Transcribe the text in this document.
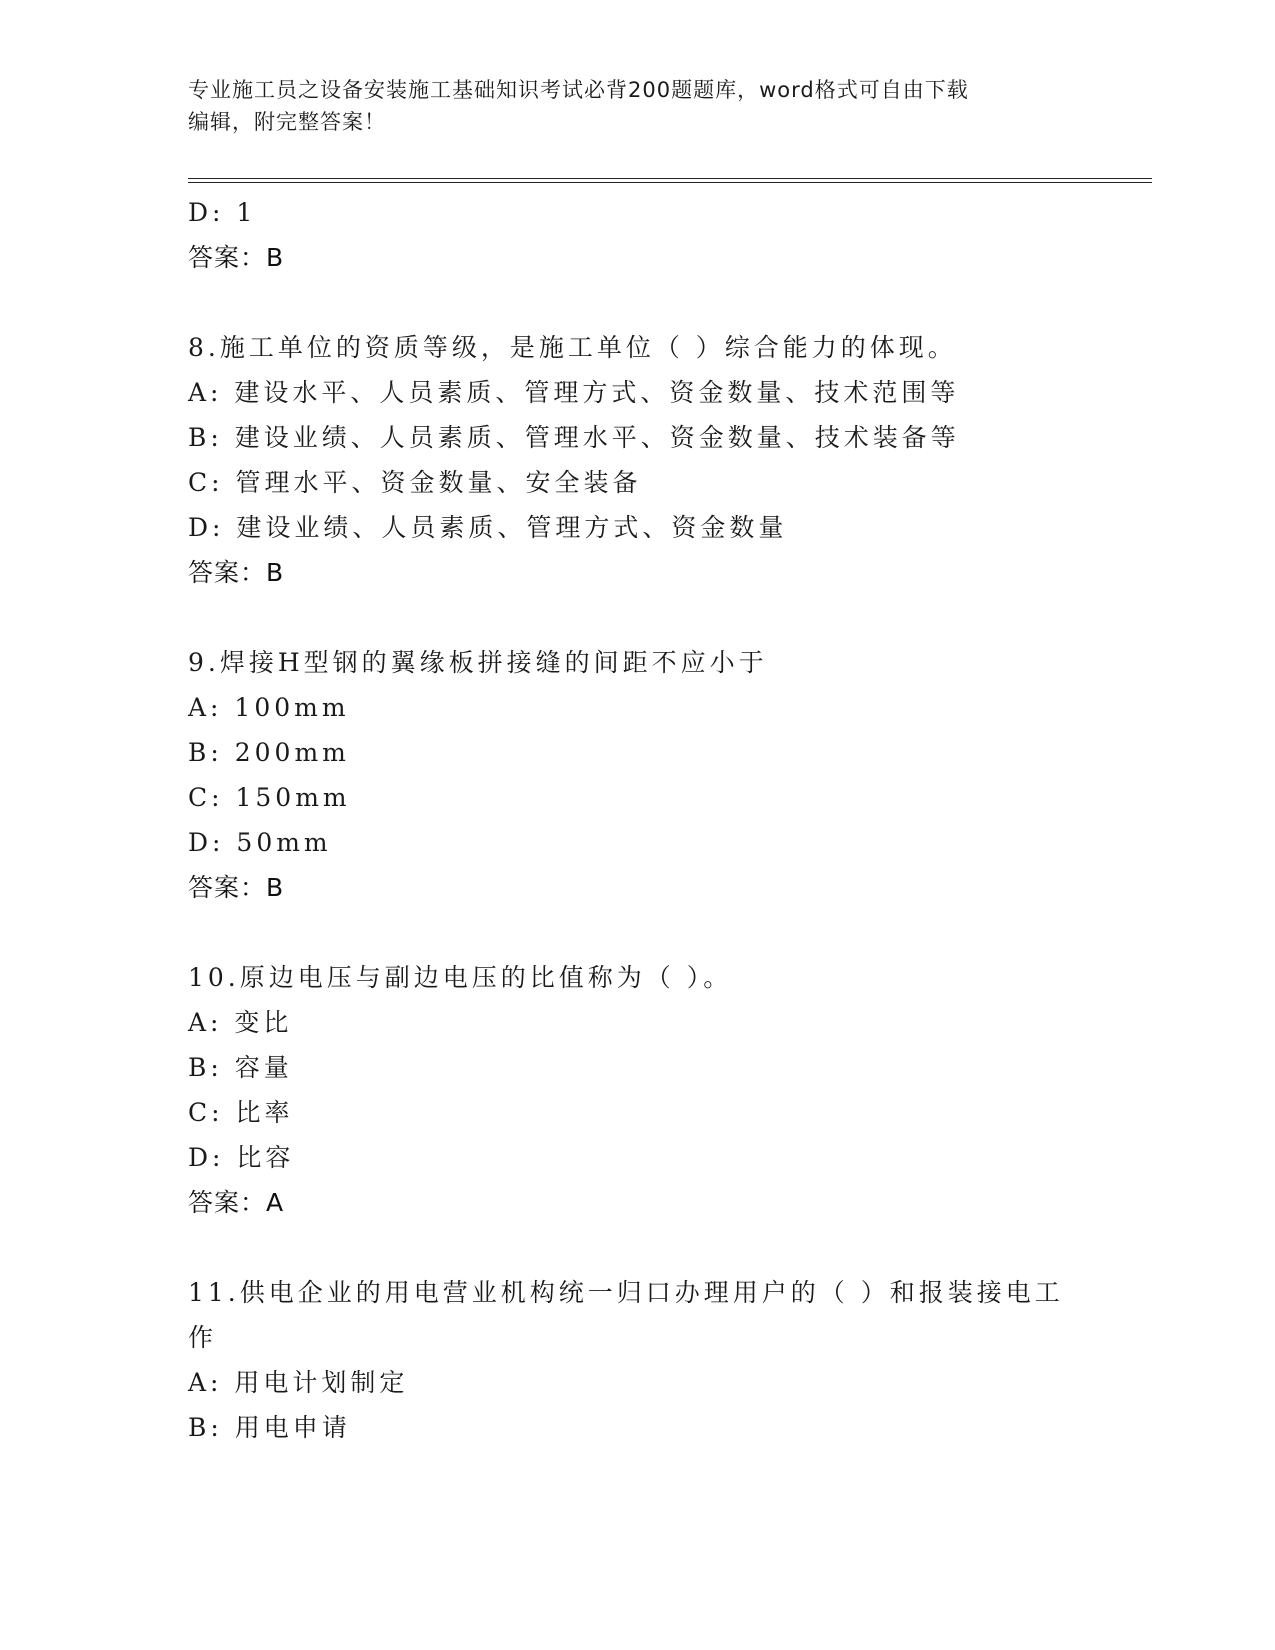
专业施工员之设备安装施工基础知识考试必背200题题库，word格式可自由下载
编辑，附完整答案！
D: 1
答案：B
8.施工单位的资质等级，是施工单位（ ）综合能力的体现。
A: 建设水平、人员素质、管理方式、资金数量、技术范围等
B: 建设业绩、人员素质、管理水平、资金数量、技术装备等
C: 管理水平、资金数量、安全装备
D: 建设业绩、人员素质、管理方式、资金数量
答案：B
9.焊接H型钢的翼缘板拼接缝的间距不应小于
A: 100mm
B: 200mm
C: 150mm
D: 50mm
答案：B
10.原边电压与副边电压的比值称为（ ）。
A: 变比
B: 容量
C: 比率
D: 比容
答案：A
11.供电企业的用电营业机构统一归口办理用户的（ ）和报装接电工
作
A: 用电计划制定
B: 用电申请
